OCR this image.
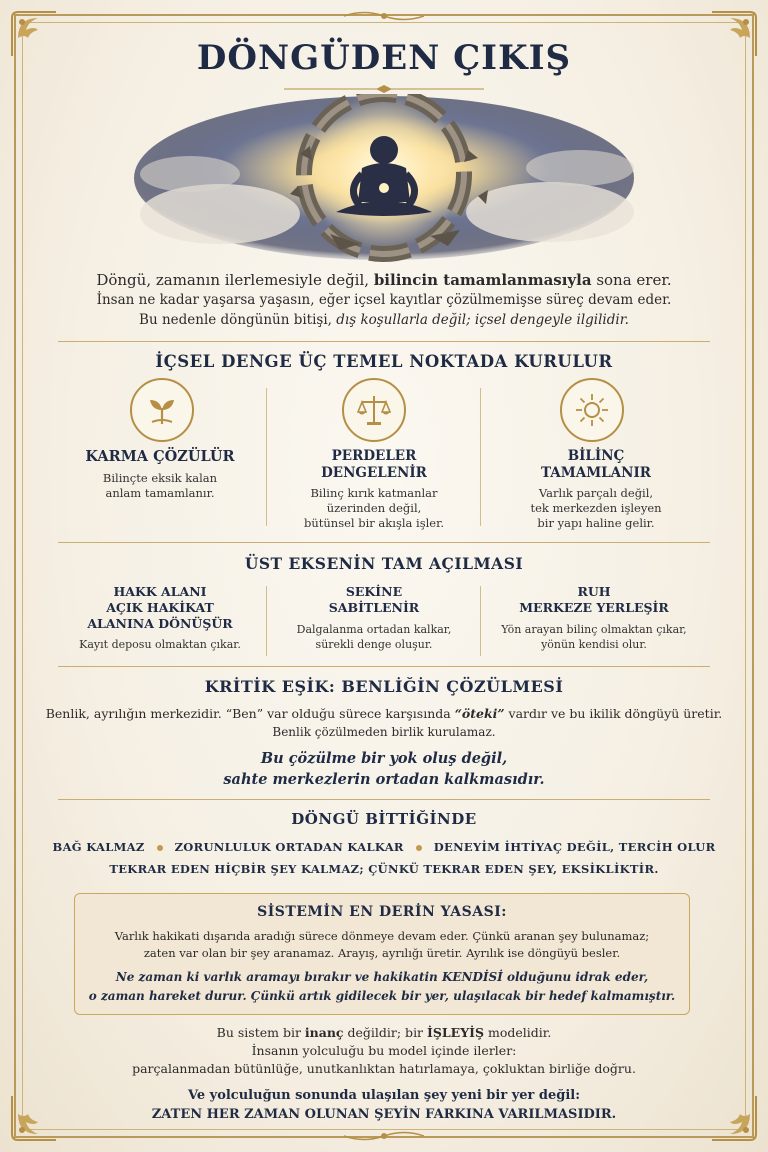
DÖNGÜDEN ÇIKIŞ
Döngü, zamanın ilerlemesiyle değil, bilincin tamamlanmasıyla sona erer.
İnsan ne kadar yaşarsa yaşasın, eğer içsel kayıtlar çözülmemişse süreç devam eder.
Bu nedenle döngünün bitişi, dış koşullarla değil; içsel dengeyle ilgilidir.
İÇSEL DENGE ÜÇ TEMEL NOKTADA KURULUR
KARMA ÇÖZÜLÜR
Bilinçte eksik kalan
anlam tamamlanır.
PERDELER
DENGELENİR
Bilinç kırık katmanlar
üzerinden değil,
bütünsel bir akışla işler.
BİLİNÇ
TAMAMLANIR
Varlık parçalı değil,
tek merkezden işleyen
bir yapı haline gelir.
ÜST EKSENİN TAM AÇILMASI
HAKK ALANI
AÇIK HAKİKAT
ALANINA DÖNÜŞÜR
Kayıt deposu olmaktan çıkar.
SEKİNE
SABİTLENİR
Dalgalanma ortadan kalkar,
sürekli denge oluşur.
RUH
MERKEZE YERLEŞİR
Yön arayan bilinç olmaktan çıkar,
yönün kendisi olur.
KRİTİK EŞİK: BENLİĞİN ÇÖZÜLMESİ
Benlik, ayrılığın merkezidir. “Ben” var olduğu sürece karşısında “öteki” vardır ve bu ikilik döngüyü üretir.
Benlik çözülmeden birlik kurulamaz.
Bu çözülme bir yok oluş değil,
sahte merkezlerin ortadan kalkmasıdır.
DÖNGÜ BİTTİĞİNDE
BAĞ KALMAZ	ZORUNLULUK ORTADAN KALKAR	DENEYİM İHTİYAÇ DEĞİL, TERCİH OLUR
TEKRAR EDEN HİÇBİR ŞEY KALMAZ; ÇÜNKÜ TEKRAR EDEN ŞEY, EKSİKLİKTİR.
SİSTEMİN EN DERİN YASASI:
Varlık hakikati dışarıda aradığı sürece dönmeye devam eder. Çünkü aranan şey bulunamaz;
zaten var olan bir şey aranamaz. Arayış, ayrılığı üretir. Ayrılık ise döngüyü besler.
Ne zaman ki varlık aramayı bırakır ve hakikatin KENDİSİ olduğunu idrak eder,
o zaman hareket durur. Çünkü artık gidilecek bir yer, ulaşılacak bir hedef kalmamıştır.
Bu sistem bir inanç değildir; bir İŞLEYİŞ modelidir.
İnsanın yolculuğu bu model içinde ilerler:
parçalanmadan bütünlüğe, unutkanlıktan hatırlamaya, çokluktan birliğe doğru.
Ve yolculuğun sonunda ulaşılan şey yeni bir yer değil:
ZATEN HER ZAMAN OLUNAN ŞEYİN FARKINA VARILMASIDIR.
